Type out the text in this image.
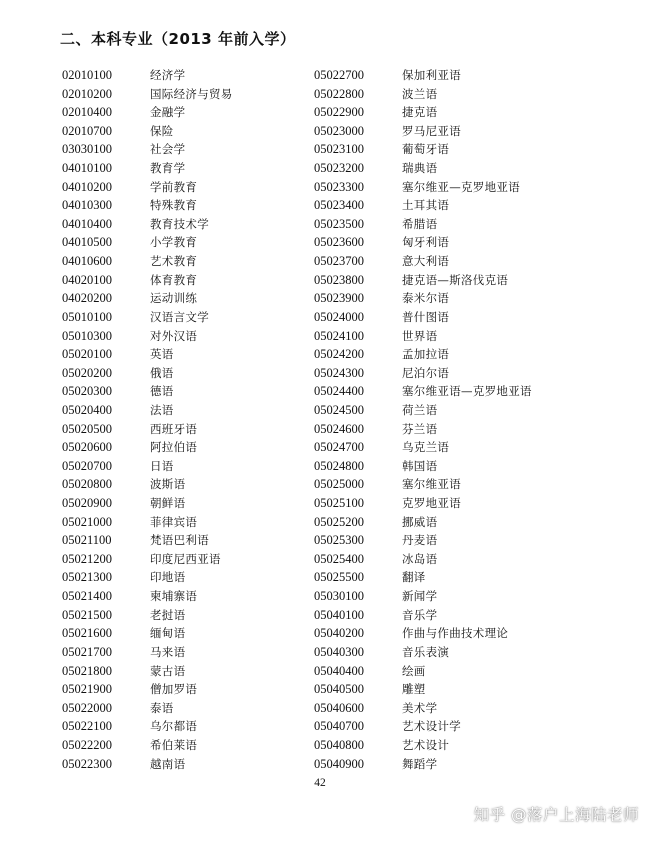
二、本科专业（2013 年前入学）
02010100	经济学
02010200	国际经济与贸易
02010400	金融学
02010700	保险
03030100	社会学
04010100	教育学
04010200	学前教育
04010300	特殊教育
04010400	教育技术学
04010500	小学教育
04010600	艺术教育
04020100	体育教育
04020200	运动训练
05010100	汉语言文学
05010300	对外汉语
05020100	英语
05020200	俄语
05020300	德语
05020400	法语
05020500	西班牙语
05020600	阿拉伯语
05020700	日语
05020800	波斯语
05020900	朝鲜语
05021000	菲律宾语
05021100	梵语巴利语
05021200	印度尼西亚语
05021300	印地语
05021400	柬埔寨语
05021500	老挝语
05021600	缅甸语
05021700	马来语
05021800	蒙古语
05021900	僧加罗语
05022000	泰语
05022100	乌尔都语
05022200	希伯莱语
05022300	越南语
05022700	保加利亚语
05022800	波兰语
05022900	捷克语
05023000	罗马尼亚语
05023100	葡萄牙语
05023200	瑞典语
05023300	塞尔维亚—克罗地亚语
05023400	土耳其语
05023500	希腊语
05023600	匈牙利语
05023700	意大利语
05023800	捷克语—斯洛伐克语
05023900	泰米尔语
05024000	普什图语
05024100	世界语
05024200	孟加拉语
05024300	尼泊尔语
05024400	塞尔维亚语—克罗地亚语
05024500	荷兰语
05024600	芬兰语
05024700	乌克兰语
05024800	韩国语
05025000	塞尔维亚语
05025100	克罗地亚语
05025200	挪威语
05025300	丹麦语
05025400	冰岛语
05025500	翻译
05030100	新闻学
05040100	音乐学
05040200	作曲与作曲技术理论
05040300	音乐表演
05040400	绘画
05040500	雕塑
05040600	美术学
05040700	艺术设计学
05040800	艺术设计
05040900	舞蹈学
42
知乎 @落户上海陆老师
